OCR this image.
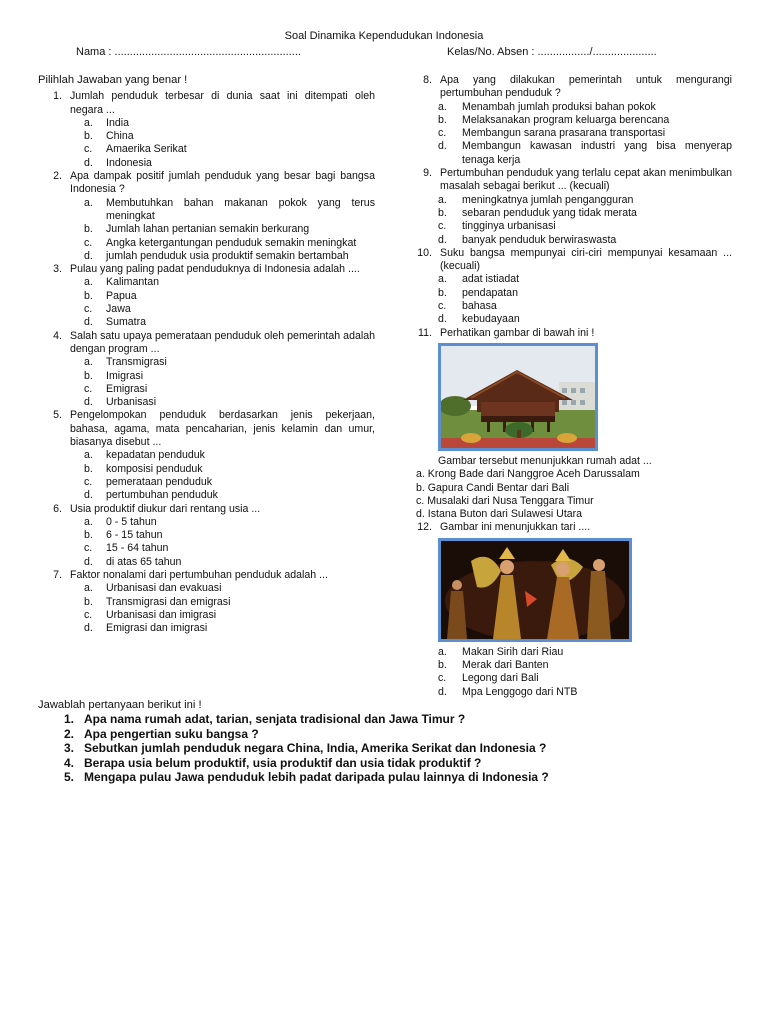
Soal Dinamika Kependudukan Indonesia
Nama : .............................................................	Kelas/No. Absen : ................./.....................
Pilihlah Jawaban yang benar !
1. Jumlah penduduk terbesar di dunia saat ini ditempati oleh negara ...
a.	India
b.	China
c.	Amaerika Serikat
d.	Indonesia
2. Apa dampak positif jumlah penduduk yang besar bagi bangsa Indonesia ?
a.	Membutuhkan bahan makanan pokok yang terus meningkat
b.	Jumlah lahan pertanian semakin berkurang
c.	Angka ketergantungan penduduk semakin meningkat
d.	jumlah penduduk usia produktif semakin bertambah
3. Pulau yang paling padat penduduknya di Indonesia adalah ....
a.	Kalimantan
b.	Papua
c.	Jawa
d.	Sumatra
4. Salah satu upaya pemerataan penduduk oleh pemerintah adalah dengan program ...
a.	Transmigrasi
b.	Imigrasi
c.	Emigrasi
d.	Urbanisasi
5. Pengelompokan penduduk berdasarkan jenis pekerjaan, bahasa, agama, mata pencaharian, jenis kelamin dan umur, biasanya disebut ...
a.	kepadatan penduduk
b.	komposisi penduduk
c.	pemerataan penduduk
d.	pertumbuhan penduduk
6. Usia produktif diukur dari rentang usia ...
a.	0 - 5 tahun
b.	6 - 15 tahun
c.	15 - 64 tahun
d.	di atas 65 tahun
7. Faktor nonalami dari pertumbuhan penduduk adalah ...
a.	Urbanisasi dan evakuasi
b.	Transmigrasi dan emigrasi
c.	Urbanisasi dan imigrasi
d.	Emigrasi dan imigrasi
8. Apa yang dilakukan pemerintah untuk mengurangi pertumbuhan penduduk ?
a.	Menambah jumlah produksi bahan pokok
b.	Melaksanakan program keluarga berencana
c.	Membangun sarana prasarana transportasi
d.	Membangun kawasan industri yang bisa menyerap tenaga kerja
9. Pertumbuhan penduduk yang terlalu cepat akan menimbulkan masalah sebagai berikut ... (kecuali)
a.	meningkatnya jumlah pengangguran
b.	sebaran penduduk yang tidak merata
c.	tingginya urbanisasi
d.	banyak penduduk berwiraswasta
10. Suku bangsa mempunyai ciri-ciri mempunyai kesamaan ... (kecuali)
a.	adat istiadat
b.	pendapatan
c.	bahasa
d.	kebudayaan
11. Perhatikan gambar di bawah ini !
Gambar tersebut menunjukkan rumah adat ...
a. Krong Bade dari Nanggroe Aceh Darussalam
b. Gapura Candi Bentar dari Bali
c. Musalaki dari Nusa Tenggara Timur
d. Istana Buton dari Sulawesi Utara
12. Gambar ini menunjukkan tari ....
a.	Makan Sirih dari Riau
b.	Merak dari Banten
c.	Legong dari Bali
d.	Mpa Lenggogo dari NTB
Jawablah pertanyaan berikut ini !
1. Apa nama rumah adat, tarian, senjata tradisional dan Jawa Timur ?
2. Apa pengertian suku bangsa ?
3. Sebutkan jumlah penduduk negara China, India, Amerika Serikat dan Indonesia ?
4. Berapa usia belum produktif, usia produktif dan usia tidak produktif ?
5. Mengapa pulau Jawa penduduk lebih padat daripada pulau lainnya di Indonesia ?
